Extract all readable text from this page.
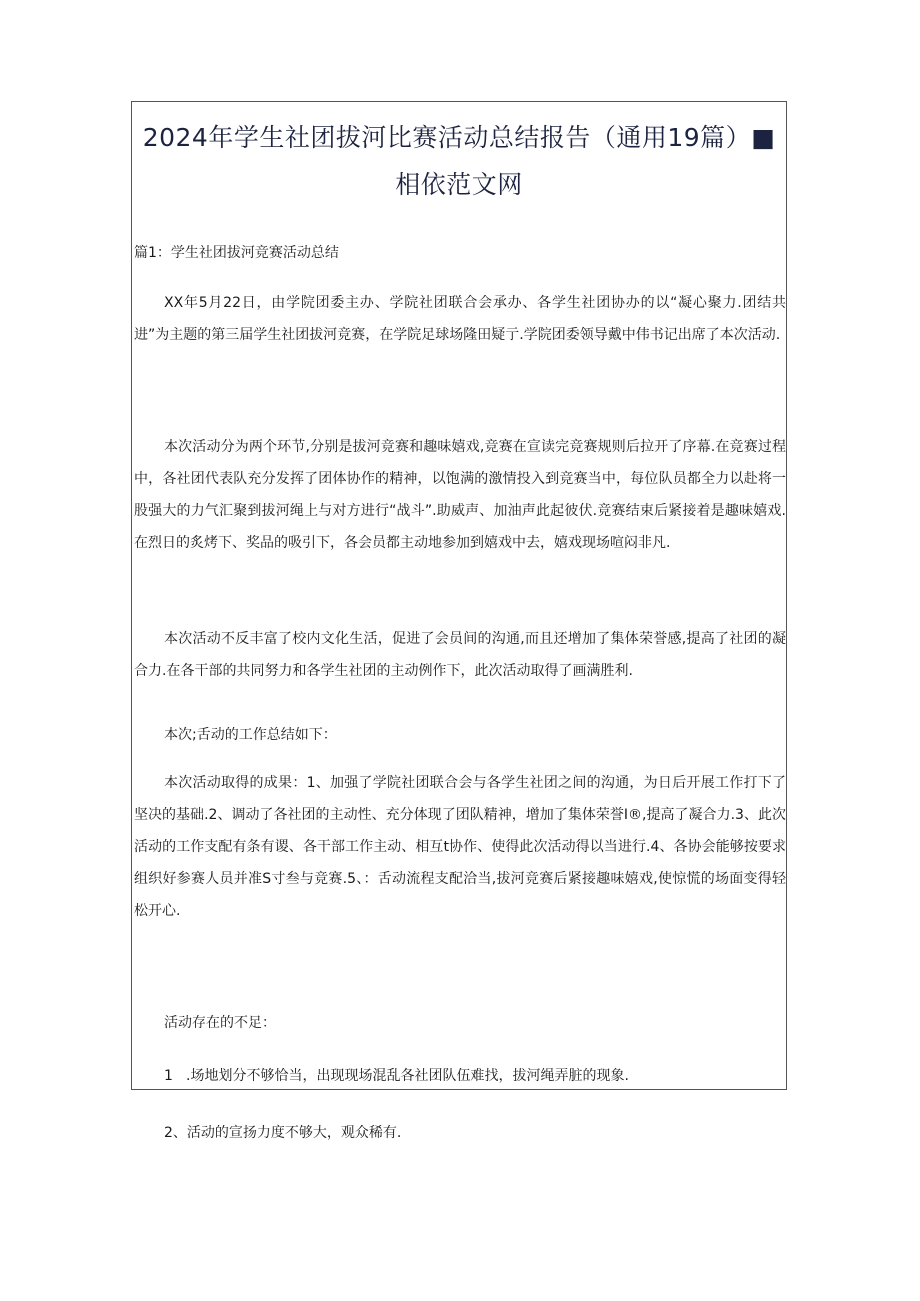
2024年学生社团拔河比赛活动总结报告（通用19篇）■相依范文网

篇1：学生社团拔河竞赛活动总结

XX年5月22日，由学院团委主办、学院社团联合会承办、各学生社团协办的以“凝心聚力.团结共进”为主题的第三届学生社团拔河竞赛，在学院足球场隆田疑亍.学院团委领导戴中伟书记出席了本次活动.

本次活动分为两个环节,分别是拔河竞赛和趣味嬉戏,竞赛在宣读完竞赛规则后拉开了序幕.在竞赛过程中，各社团代表队充分发挥了团体协作的精神，以饱满的激情投入到竞赛当中，每位队员都全力以赴将一股强大的力气汇聚到拔河绳上与对方进行“战斗”.助威声、加油声此起彼伏.竞赛结束后紧接着是趣味嬉戏.在烈日的炙烤下、奖品的吸引下，各会员都主动地参加到嬉戏中去，嬉戏现场喧闷非凡.

本次活动不反丰富了校内文化生活，促进了会员间的沟通,而且还增加了集体荣誉感,提高了社团的凝合力.在各干部的共同努力和各学生社团的主动例作下，此次活动取得了画满胜利.

本次;舌动的工作总结如下：

本次活动取得的成果：1、加强了学院社团联合会与各学生社团之间的沟通，为日后开展工作打下了坚决的基础.2、调动了各社团的主动性、充分体现了团队精神，增加了集体荣誉I®,提高了凝合力.3、此次活动的工作支配有条有谡、各干部工作主动、相互t协作、使得此次活动得以当进行.4、各协会能够按要求组织好参赛人员并准S寸叁与竞赛.5、：舌动流程支配洽当,拔河竞赛后紧接趣味嬉戏,使惊慌的场面变得轻松开心.

活动存在的不足：

1 .场地划分不够恰当，出现现场混乱各社团队伍难找，拔河绳弄脏的现象.

2、活动的宣扬力度不够大，观众稀有.
